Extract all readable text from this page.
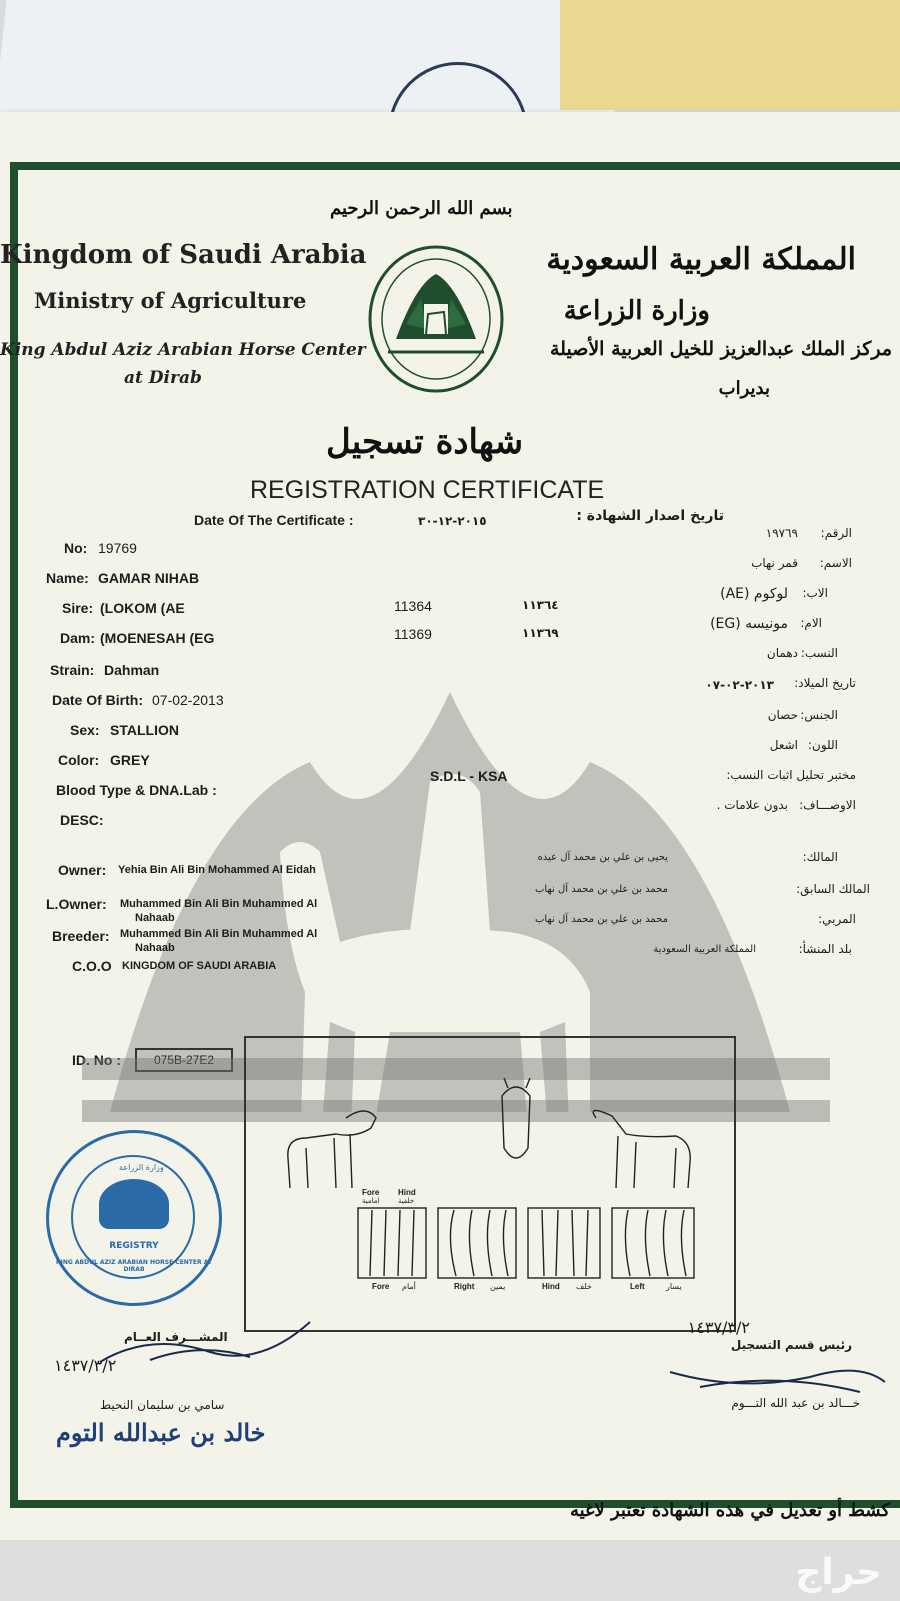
بسم الله الرحمن الرحيم
Kingdom of Saudi Arabia
Ministry of Agriculture
King Abdul Aziz Arabian Horse Center
at Dirab
المملكة العربية السعودية
وزارة الزراعة
مركز الملك عبدالعزيز للخيل العربية الأصيلة
بديراب
شهادة تسجيل
REGISTRATION CERTIFICATE
Date Of The Certificate :	٢٠١٥-١٢-٣٠	تاريخ اصدار الشهادة :
No: 19769
Name: GAMAR NIHAB
Sire: (LOKOM (AE	11364	١١٣٦٤
Dam: (MOENESAH (EG	11369	١١٣٦٩
Strain: Dahman
Date Of Birth: 07-02-2013
Sex: STALLION
Color: GREY
Blood Type & DNA.Lab :
S.D.L - KSA
DESC:
Owner: Yehia Bin Ali Bin Mohammed Al Eidah
L.Owner: Muhammed Bin Ali Bin Muhammed Al
Nahaab
Breeder: Muhammed Bin Ali Bin Muhammed Al
Nahaab
C.O.O KINGDOM OF SAUDI ARABIA
الرقم:
١٩٧٦٩
الاسم:
قمر نهاب
الاب:
لوكوم (AE)
الام:
مونيسه (EG)
النسب:
دهمان
تاريخ الميلاد:
٢٠١٣-٠٢-٠٧
الجنس:
حصان
اللون:
اشعل
مختبر تحليل اثبات النسب:
الاوصـــاف:
بدون علامات .
المالك:
يحيى بن علي بن محمد آل عيده
المالك السابق:
محمد بن علي بن محمد آل نهاب
المربي:
محمد بن علي بن محمد آل نهاب
بلد المنشأ:
المملكة العربية السعودية
ID. No :	075B-27E2
Fore Hind
امامية	خلفية
Fore	Right	Hind	Left
أمام	يمين	خلف	يسار
REGISTRY
KING ABDUL AZIZ ARABIAN HORSE CENTER AT DIRAB
وزارة الزراعة
المشـــرف العــام
١٤٣٧/٣/٢
سامي بن سليمان النحيط
خالد بن عبدالله التوم
رئيس قسم التسجيل
١٤٣٧/٣/٢
خـــالد بن عبد الله التـــوم
كشط أو تعديل في هذه الشهادة تعتبر لاغيه
حراج
